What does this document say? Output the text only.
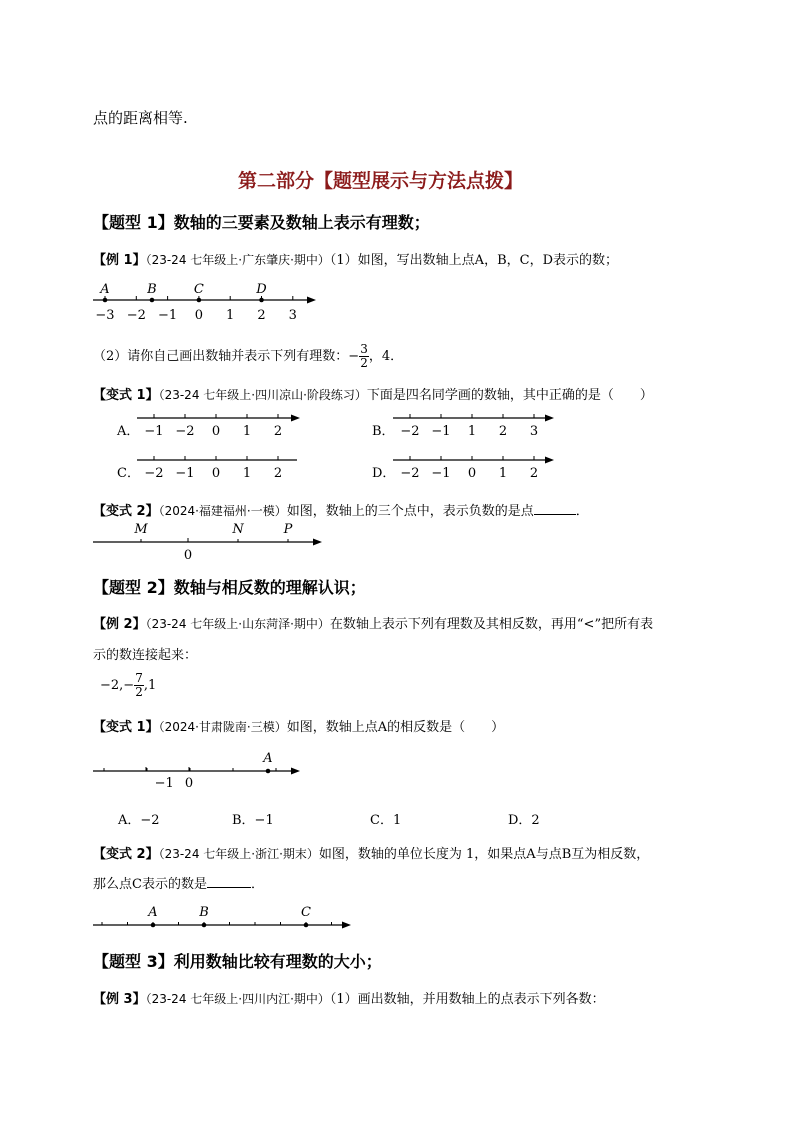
点的距离相等.
第二部分【题型展示与方法点拨】
【题型 1】数轴的三要素及数轴上表示有理数；
【例 1】（23-24 七年级上·广东肇庆·期中）（1）如图，写出数轴上点A，B，C，D表示的数；
−3 −2 −1 0 1 2 3
A	B	C	D
（2）请你自己画出数轴并表示下列有理数：− $\frac{3}{2}$ ，4．
【变式 1】（23-24 七年级上·四川凉山·阶段练习）下面是四名同学画的数轴，其中正确的是（　　）
A． −1 −2 0 1 2	B． −2 −1 1 2 3
C． −2 −1 0 1 2	D． −2 −1 0 1 2
【变式 2】（2024·福建福州·一模）如图，数轴上的三个点中，表示负数的是点	．
M	N	P
0
【题型 2】数轴与相反数的理解认识；
【例 2】（23-24 七年级上·山东菏泽·期中）在数轴上表示下列有理数及其相反数，再用“<”把所有表
示的数连接起来：
$-2,- \frac{7}{2} ,1$
【变式 1】（2024·甘肃陇南·三模）如图，数轴上点A的相反数是（　　）
−1 0
A
A．−2	B．−1	C．1	D．2
【变式 2】（23-24 七年级上·浙江·期末）如图，数轴的单位长度为 1，如果点A与点B互为相反数，
那么点C表示的数是	．
A	B	C
【题型 3】利用数轴比较有理数的大小；
【例 3】（23-24 七年级上·四川内江·期中）（1）画出数轴，并用数轴上的点表示下列各数：
